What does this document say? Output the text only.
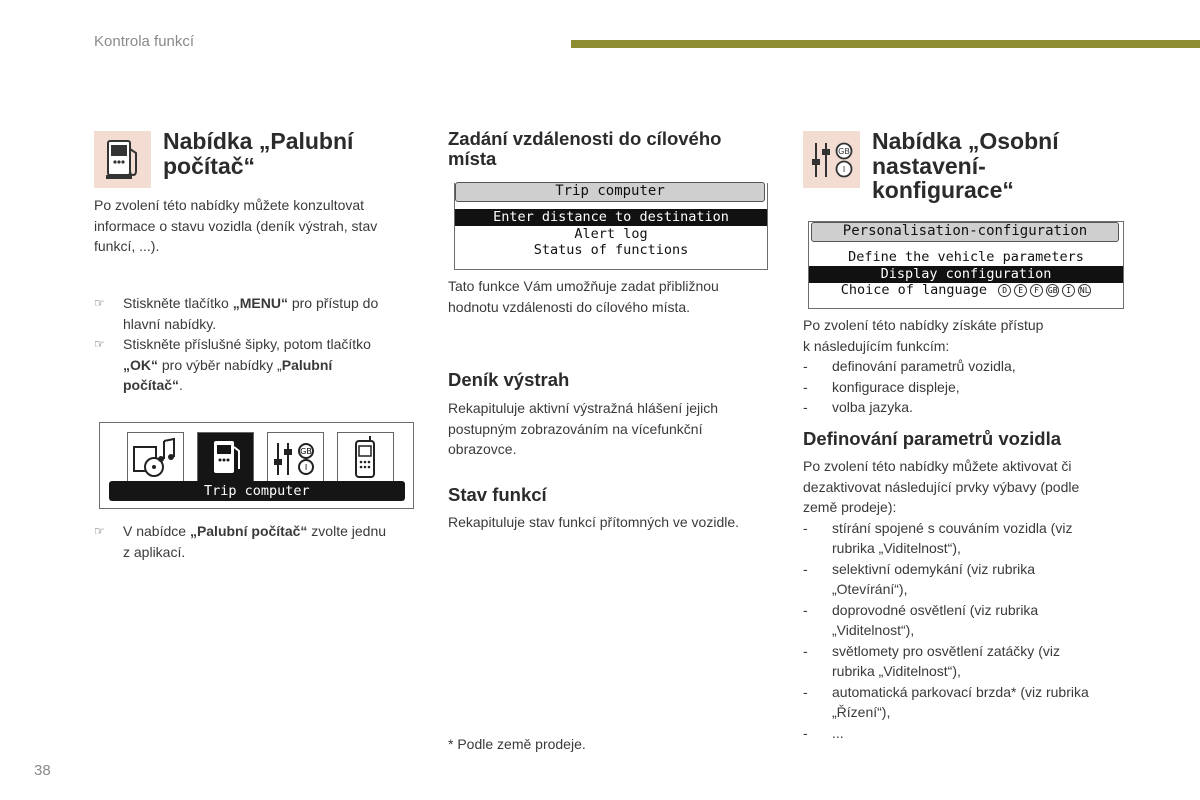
Kontrola funkcí
38
Nabídka „Palubní
počítač“

Po zvolení této nabídky můžete konzultovat

informace o stavu vozidla (deník výstrah, stav

funkcí, ...).

☞ Stiskněte tlačítko „MENU“ pro přístup do
hlavní nabídky.
☞ Stiskněte příslušné šipky, potom tlačítko
„OK“ pro výběr nabídky „Palubní
počítač“.
GB
I
Trip computer
☞ V nabídce „Palubní počítač“ zvolte jednu
z aplikací.
Zadání vzdálenosti do cílového
místa
Trip computer
Enter distance to destination
Alert log
Status of functions

Tato funkce Vám umožňuje zadat přibližnou

hodnotu vzdálenosti do cílového místa.

Deník výstrah

Rekapituluje aktivní výstražná hlášení jejich

postupným zobrazováním na vícefunkční

obrazovce.

Stav funkcí

Rekapituluje stav funkcí přítomných ve vozidle.

* Podle země prodeje.

GB
I
Nabídka „Osobní
nastavení-
konfigurace“
Personalisation-configuration
Define the vehicle parameters
Display configuration
Choice of language D E F GB I NL

Po zvolení této nabídky získáte přístup

k následujícím funkcím:

- definování parametrů vozidla,
- konfigurace displeje,
- volba jazyka.
Definování parametrů vozidla

Po zvolení této nabídky můžete aktivovat či

dezaktivovat následující prvky výbavy (podle

země prodeje):

- stírání spojené s couváním vozidla (viz
rubrika „Viditelnost“),
- selektivní odemykání (viz rubrika
„Otevírání“),
- doprovodné osvětlení (viz rubrika
„Viditelnost“),
- světlomety pro osvětlení zatáčky (viz
rubrika „Viditelnost“),
- automatická parkovací brzda* (viz rubrika
„Řízení“),
- ...
